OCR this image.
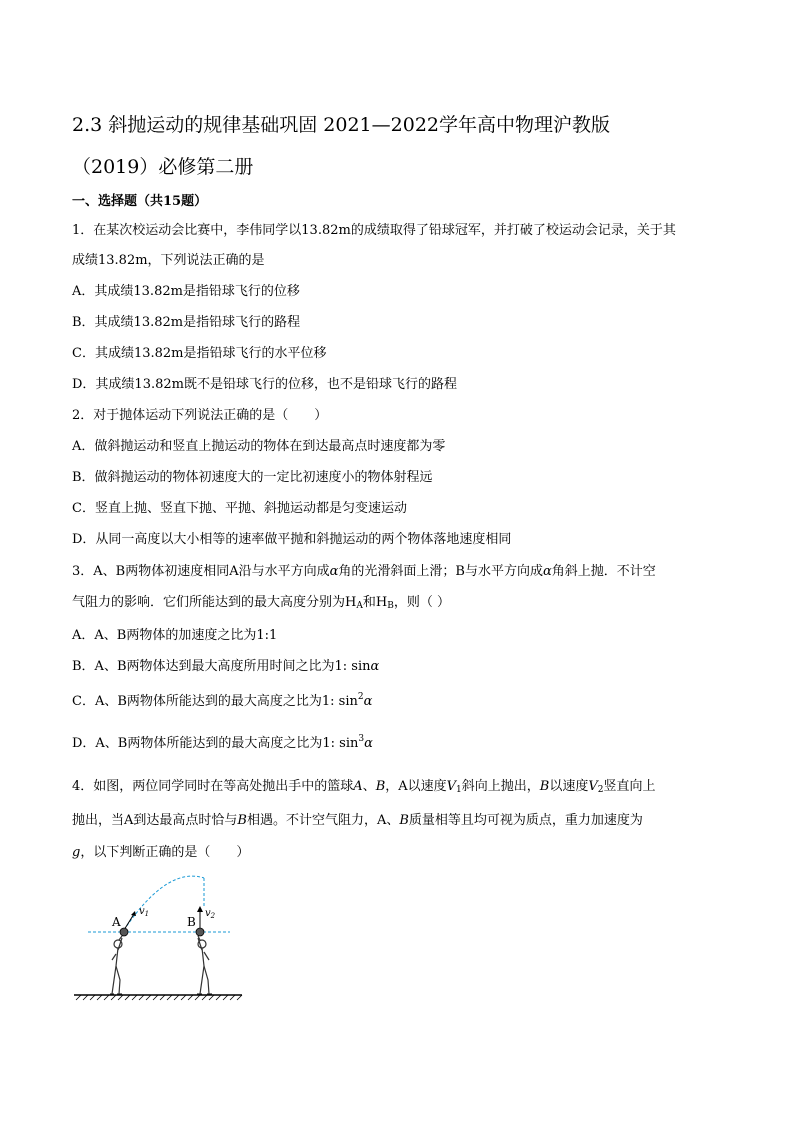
2.3 斜抛运动的规律基础巩固 2021—2022学年高中物理沪教版
（2019）必修第二册
一、选择题（共15题）
1．在某次校运动会比赛中，李伟同学以13.82m的成绩取得了铅球冠军，并打破了校运动会记录，关于其
成绩13.82m，下列说法正确的是
A．其成绩13.82m是指铅球飞行的位移
B．其成绩13.82m是指铅球飞行的路程
C．其成绩13.82m是指铅球飞行的水平位移
D．其成绩13.82m既不是铅球飞行的位移，也不是铅球飞行的路程
2．对于抛体运动下列说法正确的是（　　）
A．做斜抛运动和竖直上抛运动的物体在到达最高点时速度都为零
B．做斜抛运动的物体初速度大的一定比初速度小的物体射程远
C．竖直上抛、竖直下抛、平抛、斜抛运动都是匀变速运动
D．从同一高度以大小相等的速率做平抛和斜抛运动的两个物体落地速度相同
3．A、B两物体初速度相同A沿与水平方向成α角的光滑斜面上滑；B与水平方向成α角斜上抛．不计空
气阻力的影响．它们所能达到的最大高度分别为$H_A$和$H_B$，则（ ）
A．A、B两物体的加速度之比为1:1
B．A、B两物体达到最大高度所用时间之比为1: sinα
C．A、B两物体所能达到的最大高度之比为1: $\sin^2\alpha$
D．A、B两物体所能达到的最大高度之比为1: $\sin^3\alpha$
4．如图，两位同学同时在等高处抛出手中的篮球A、B，A以速度$V_1$斜向上抛出，B以速度$V_2$竖直向上
抛出，当A到达最高点时恰与B相遇。不计空气阻力，A、B质量相等且均可视为质点，重力加速度为
g，以下判断正确的是（　　）
A
$v_1$
B
$v_2$
